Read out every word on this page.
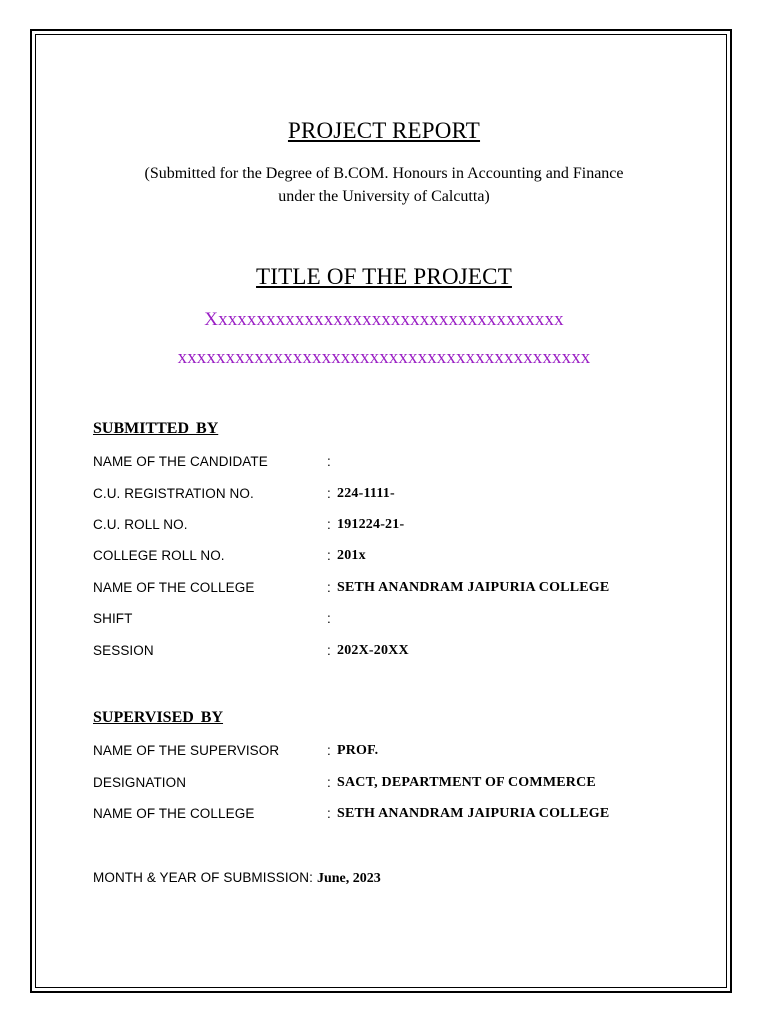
PROJECT REPORT
(Submitted for the Degree of B.COM. Honours in Accounting and Finance
under the University of Calcutta)
TITLE OF THE PROJECT
Xxxxxxxxxxxxxxxxxxxxxxxxxxxxxxxxxxxxx
xxxxxxxxxxxxxxxxxxxxxxxxxxxxxxxxxxxxxxxxxxx
SUBMITTED BY
NAME OF THE CANDIDATE	:
C.U. REGISTRATION NO.	: 224-1111-
C.U. ROLL NO.	: 191224-21-
COLLEGE ROLL NO.	: 201x
NAME OF THE COLLEGE	: SETH ANANDRAM JAIPURIA COLLEGE
SHIFT	:
SESSION	: 202X-20XX
SUPERVISED BY
NAME OF THE SUPERVISOR	: PROF.
DESIGNATION	: SACT, DEPARTMENT OF COMMERCE
NAME OF THE COLLEGE	: SETH ANANDRAM JAIPURIA COLLEGE
MONTH & YEAR OF SUBMISSION: June, 2023
